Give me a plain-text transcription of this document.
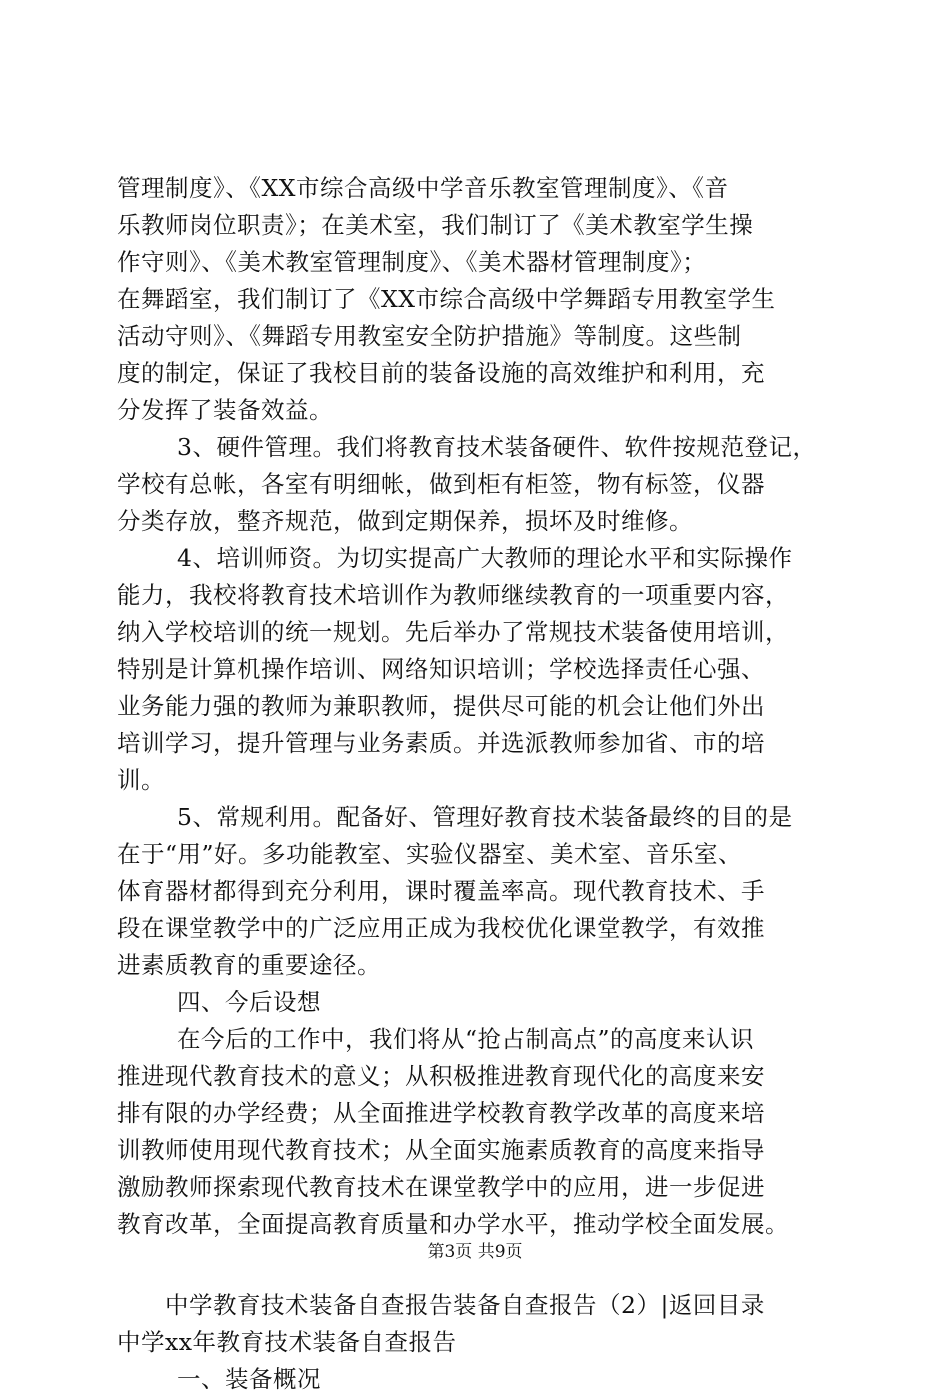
管理制度》、《XX市综合高级中学音乐教室管理制度》、《音
乐教师岗位职责》；在美术室，我们制订了《美术教室学生操
作守则》、《美术教室管理制度》、《美术器材管理制度》；
在舞蹈室，我们制订了《XX市综合高级中学舞蹈专用教室学生
活动守则》、《舞蹈专用教室安全防护措施》等制度。这些制
度的制定，保证了我校目前的装备设施的高效维护和利用，充
分发挥了装备效益。
3、硬件管理。我们将教育技术装备硬件、软件按规范登记，
学校有总帐，各室有明细帐，做到柜有柜签，物有标签，仪器
分类存放，整齐规范，做到定期保养，损坏及时维修。
4、培训师资。为切实提高广大教师的理论水平和实际操作
能力，我校将教育技术培训作为教师继续教育的一项重要内容，
纳入学校培训的统一规划。先后举办了常规技术装备使用培训，
特别是计算机操作培训、网络知识培训；学校选择责任心强、
业务能力强的教师为兼职教师，提供尽可能的机会让他们外出
培训学习，提升管理与业务素质。并选派教师参加省、市的培
训。
5、常规利用。配备好、管理好教育技术装备最终的目的是
在于“用”好。多功能教室、实验仪器室、美术室、音乐室、
体育器材都得到充分利用，课时覆盖率高。现代教育技术、手
段在课堂教学中的广泛应用正成为我校优化课堂教学，有效推
进素质教育的重要途径。
四、今后设想
在今后的工作中，我们将从“抢占制高点”的高度来认识
推进现代教育技术的意义；从积极推进教育现代化的高度来安
排有限的办学经费；从全面推进学校教育教学改革的高度来培
训教师使用现代教育技术；从全面实施素质教育的高度来指导
激励教师探索现代教育技术在课堂教学中的应用，进一步促进
教育改革，全面提高教育质量和办学水平，推动学校全面发展。
　　中学教育技术装备自查报告装备自查报告（2）|返回目录
中学xx年教育技术装备自查报告
一、装备概况
第3页 共9页
